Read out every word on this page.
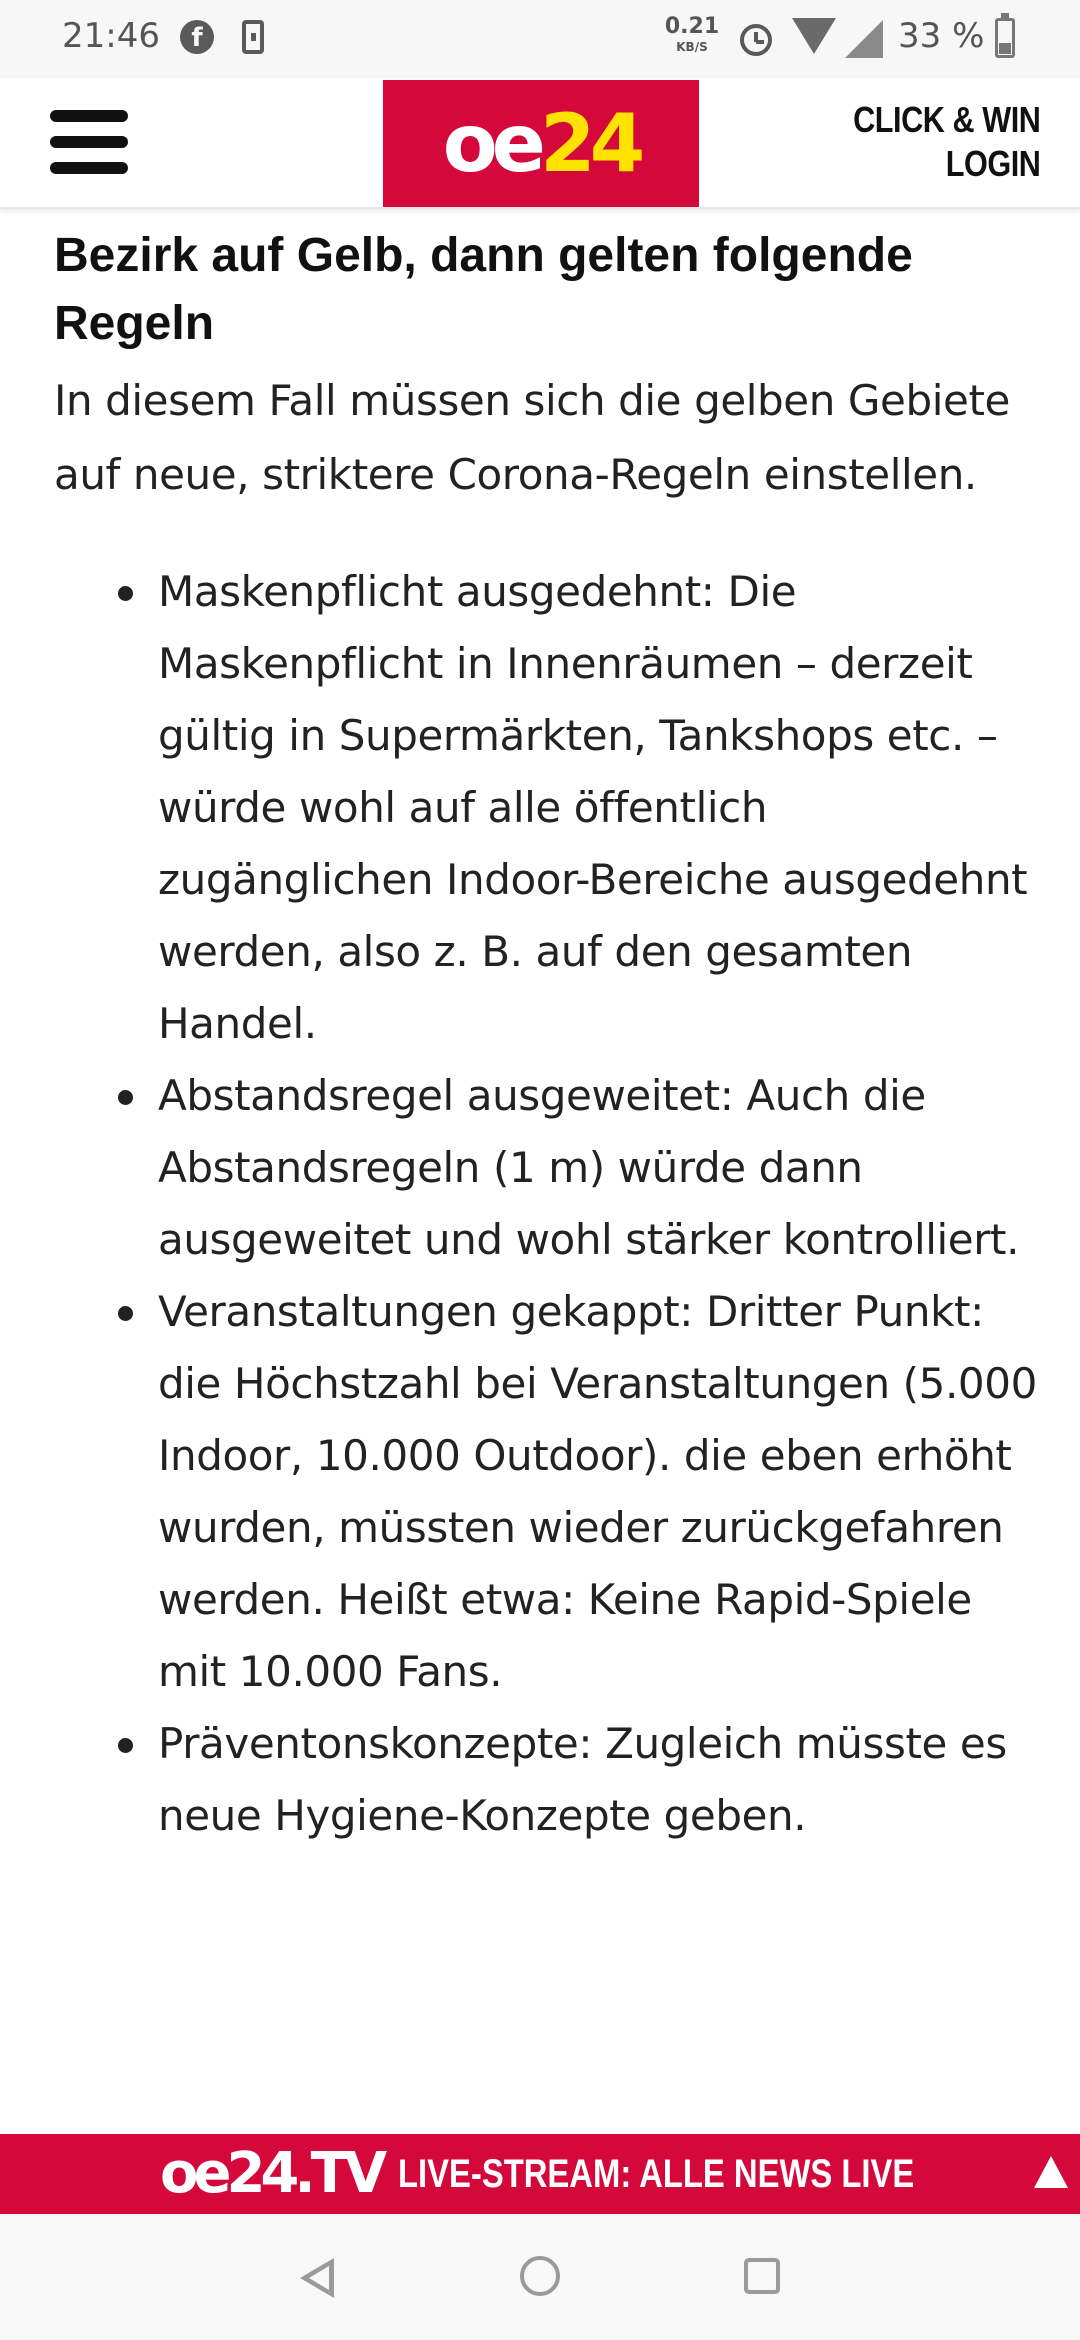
21:46	f	0.21
KB/S	33 %
oe24	CLICK & WIN
LOGIN
Bezirk auf Gelb, dann gelten folgende Regeln

In diesem Fall müssen sich die gelben Gebiete auf neue, striktere Corona-Regeln einstellen.

Maskenpflicht ausgedehnt: Die Maskenpflicht in Innenräumen – derzeit gültig in Supermärkten, Tankshops etc. – würde wohl auf alle öffentlich zugänglichen Indoor-Bereiche ausgedehnt werden, also z. B. auf den gesamten Handel.
Abstandsregel ausgeweitet: Auch die Abstandsregeln (1 m) würde dann ausgeweitet und wohl stärker kontrolliert.
Veranstaltungen gekappt: Dritter Punkt: die Höchstzahl bei Veranstaltungen (5.000 Indoor, 10.000 Outdoor). die eben erhöht wurden, müssten wieder zurückgefahren werden. Heißt etwa: Keine Rapid-Spiele mit 10.000 Fans.
Präventonskonzepte: Zugleich müsste es neue Hygiene-Konzepte geben.
oe24.TV LIVE-STREAM: ALLE NEWS LIVE
